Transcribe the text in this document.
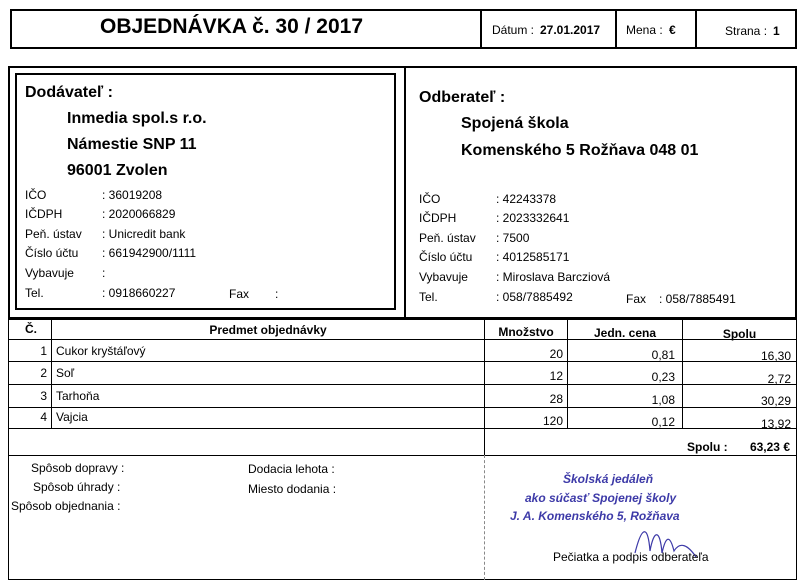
OBJEDNÁVKA č. 30 / 2017	Dátum : 27.01.2017 Mena : €	Strana : 1
Dodávateľ :
Inmedia spol.s r.o.
Námestie SNP 11
96001 Zvolen
IČO	: 36019208
IČDPH	: 2020066829
Peň. ústav : Unicredit bank
Číslo účtu : 661942900/1111
Vybavuje :
Tel.	: 0918660227	Fax :
Odberateľ :
Spojená škola
Komenského 5 Rožňava 048 01
IČO	: 42243378
IČDPH	: 2023332641
Peň. ústav : 7500
Číslo účtu : 4012585171
Vybavuje : Miroslava Barcziová
Tel.	: 058/7885492	Fax : 058/7885491
Č.	Predmet objednávky	Množstvo	Jedn. cena	Spolu
1 Cukor kryštáľový	20	0,81	16,30
2 Soľ	12	0,23	2,72
3 Tarhoňa	28	1,08	30,29
4 Vajcia	120	0,12	13,92
Spolu :	63,23 €
Spôsob dopravy :
Spôsob úhrady :
Spôsob objednania :
Dodacia lehota :
Miesto dodania :
Školská jedáleň
ako súčasť Spojenej školy
J. A. Komenského 5, Rožňava
Pečiatka a podpis odberateľa
